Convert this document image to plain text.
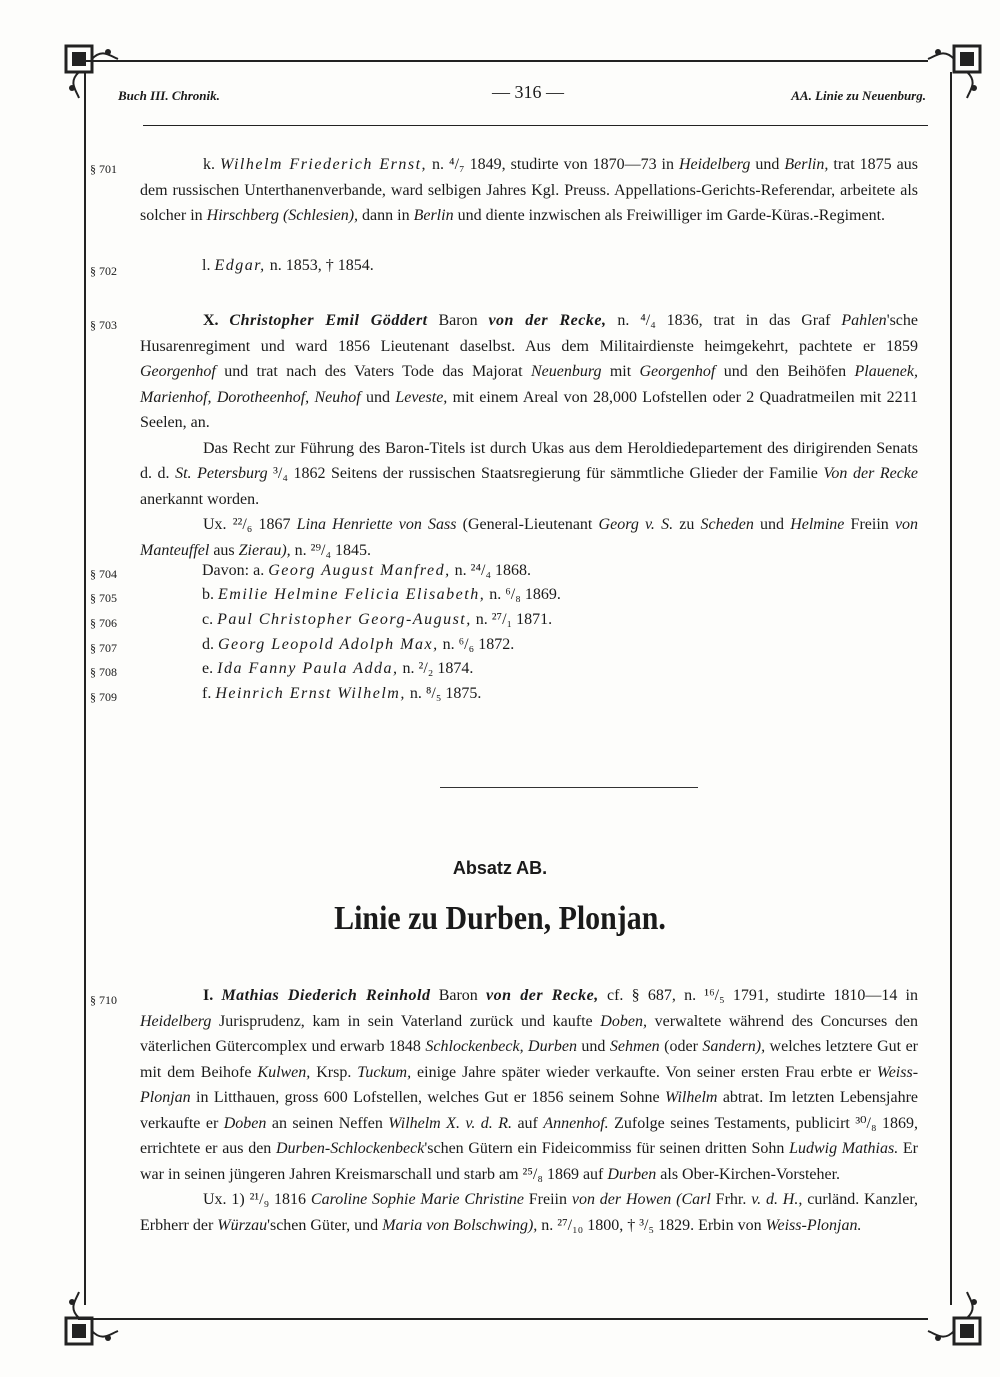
Buch III. Chronik.	— 316 —	AA. Linie zu Neuenburg.
§ 701	k. Wilhelm Friederich Ernst, n. ⁴/₇ 1849, studirte von 1870—73 in Heidelberg und Berlin, trat 1875 aus dem russischen Unterthanenverbande, ward selbigen Jahres Kgl. Preuss. Appellations-Gerichts-Referendar, arbeitete als solcher in Hirschberg (Schlesien), dann in Berlin und diente inzwischen als Freiwilliger im Garde-Küras.-Regiment.

§ 702	l. Edgar, n. 1853, † 1854.
§ 703	X. Christopher Emil Göddert Baron von der Recke, n. ⁴/₄ 1836, trat in das Graf Pahlen'sche Husarenregiment und ward 1856 Lieutenant daselbst. Aus dem Militairdienste heimgekehrt, pachtete er 1859 Georgenhof und trat nach des Vaters Tode das Majorat Neuenburg mit Georgenhof und den Beihöfen Plauenek, Marienhof, Dorotheenhof, Neuhof und Leveste, mit einem Areal von 28,000 Lofstellen oder 2 Quadratmeilen mit 2211 Seelen, an.

Das Recht zur Führung des Baron-Titels ist durch Ukas aus dem Heroldiedepartement des dirigirenden Senats d. d. St. Petersburg ³/₄ 1862 Seitens der russischen Staatsregierung für sämmtliche Glieder der Familie Von der Recke anerkannt worden.

Ux. ²²/₆ 1867 Lina Henriette von Sass (General-Lieutenant Georg v. S. zu Scheden und Helmine Freiin von Manteuffel aus Zierau), n. ²⁹/₄ 1845.

§ 704	Davon: a. Georg August Manfred, n. ²⁴/₄ 1868.
§ 705	b. Emilie Helmine Felicia Elisabeth, n. ⁶/₈ 1869.
§ 706	c. Paul Christopher Georg-August, n. ²⁷/₁ 1871.
§ 707	d. Georg Leopold Adolph Max, n. ⁶/₆ 1872.
§ 708	e. Ida Fanny Paula Adda, n. ²/₂ 1874.
§ 709	f. Heinrich Ernst Wilhelm, n. ⁸/₅ 1875.
Absatz AB.
Linie zu Durben, Plonjan.
§ 710	I. Mathias Diederich Reinhold Baron von der Recke, cf. § 687, n. ¹⁶/₅ 1791, studirte 1810—14 in Heidelberg Jurisprudenz, kam in sein Vaterland zurück und kaufte Doben, verwaltete während des Concurses den väterlichen Gütercomplex und erwarb 1848 Schlockenbeck, Durben und Sehmen (oder Sandern), welches letztere Gut er mit dem Beihofe Kulwen, Krsp. Tuckum, einige Jahre später wieder verkaufte. Von seiner ersten Frau erbte er Weiss-Plonjan in Litthauen, gross 600 Lofstellen, welches Gut er 1856 seinem Sohne Wilhelm abtrat. Im letzten Lebensjahre verkaufte er Doben an seinen Neffen Wilhelm X. v. d. R. auf Annenhof. Zufolge seines Testaments, publicirt ³⁰/₈ 1869, errichtete er aus den Durben-Schlockenbeck'schen Gütern ein Fideicommiss für seinen dritten Sohn Ludwig Mathias. Er war in seinen jüngeren Jahren Kreismarschall und starb am ²⁵/₈ 1869 auf Durben als Ober-Kirchen-Vorsteher.

Ux. 1) ²¹/₉ 1816 Caroline Sophie Marie Christine Freiin von der Howen (Carl Frhr. v. d. H., curländ. Kanzler, Erbherr der Würzau'schen Güter, und Maria von Bolschwing), n. ²⁷/₁₀ 1800, † ³/₅ 1829. Erbin von Weiss-Plonjan.
